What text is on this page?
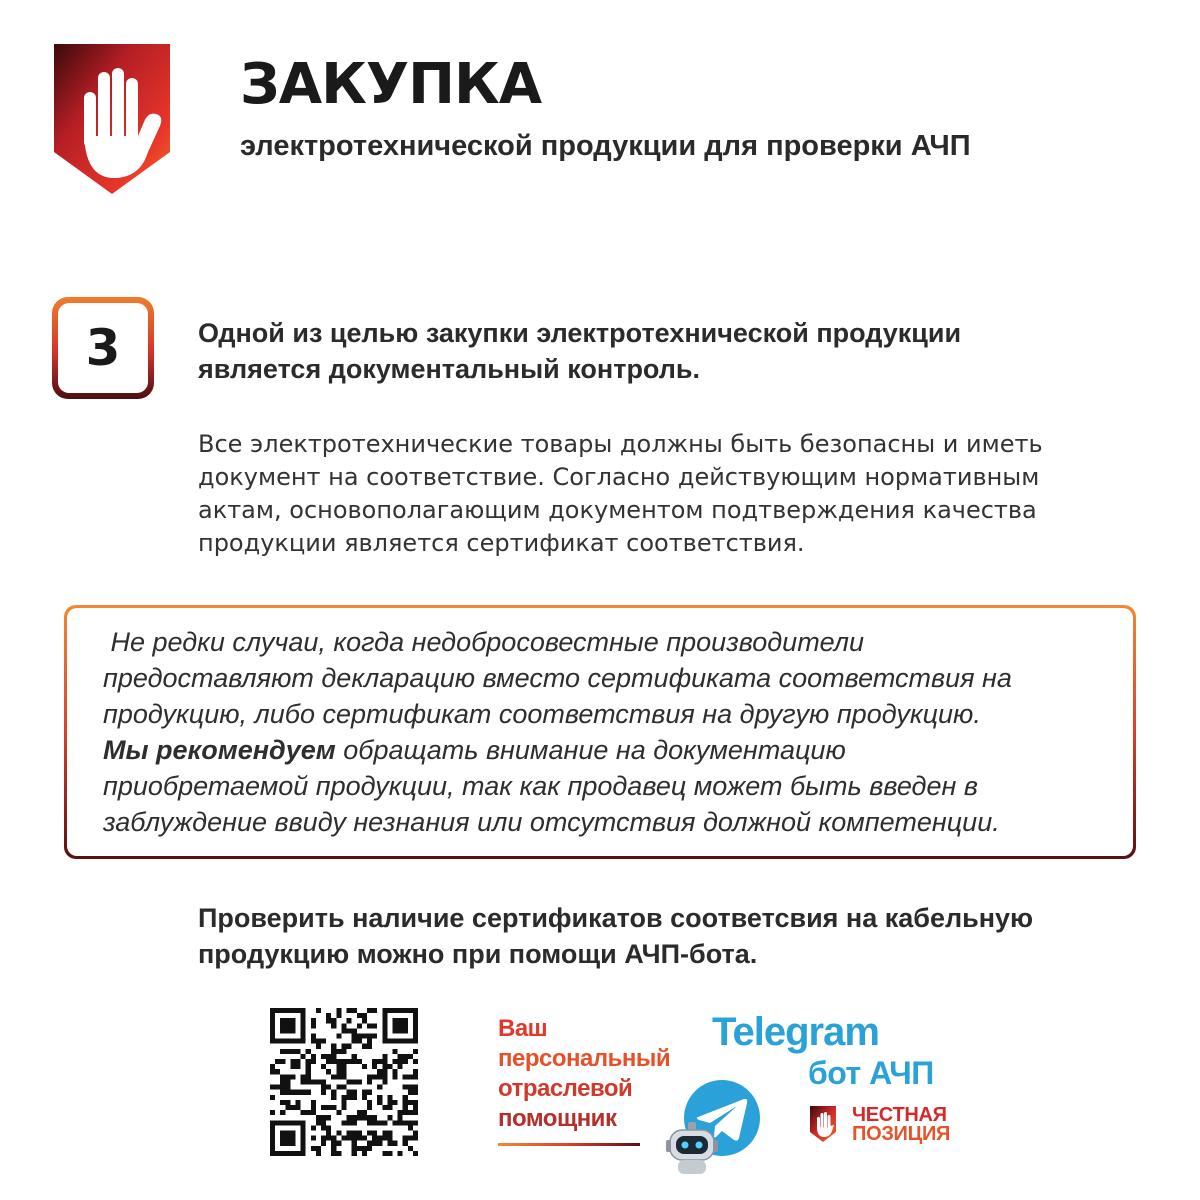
ЗАКУПКА
электротехнической продукции для проверки АЧП
3	Одной из целью закупки электротехнической продукции
является документальный контроль.
Все электротехнические товары должны быть безопасны и иметь
документ на соответствие. Согласно действующим нормативным
актам, основополагающим документом подтверждения качества
продукции является сертификат соответствия.
Не редки случаи, когда недобросовестные производители
предоставляют декларацию вместо сертификата соответствия на
продукцию, либо сертификат соответствия на другую продукцию.
Мы рекомендуем обращать внимание на документацию
приобретаемой продукции, так как продавец может быть введен в
заблуждение ввиду незнания или отсутствия должной компетенции.
Проверить наличие сертификатов соответсвия на кабельную
продукцию можно при помощи АЧП-бота.
Ваш
персональный
отраслевой
помощник
Telegram
бот АЧП
ЧЕСТНАЯ
ПОЗИЦИЯ
